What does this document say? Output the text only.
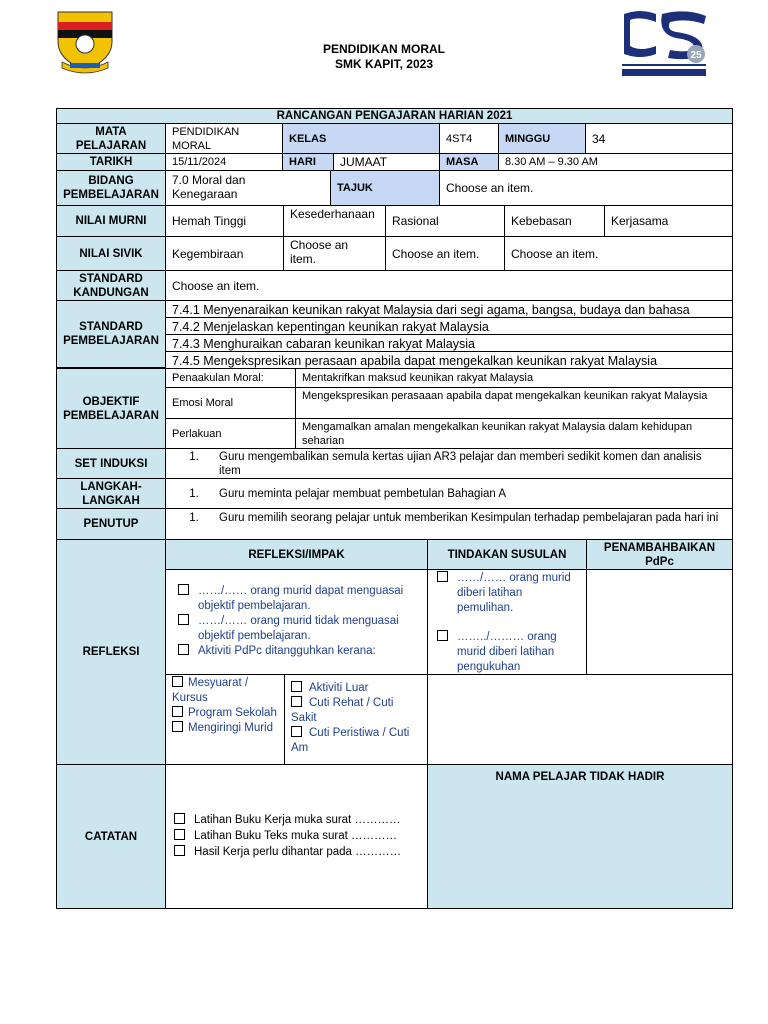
25
PENDIDIKAN MORAL
SMK KAPIT, 2023
RANCANGAN PENGAJARAN HARIAN 2021
MATA PELAJARAN
PENDIDIKAN MORAL
KELAS	4ST4	MINGGU	34
TARIKH	15/11/2024	HARI	JUMAAT	MASA	8.30 AM – 9.30 AM
BIDANG PEMBELAJARAN
7.0 Moral dan Kenegaraan	TAJUK	Choose an item.
NILAI MURNI	Hemah Tinggi	Kesederhanaan	Rasional	Kebebasan	Kerjasama
NILAI SIVIK	Kegembiraan
Choose an item.	Choose an item.	Choose an item.
STANDARD KANDUNGAN	Choose an item.
STANDARD PEMBELAJARAN
7.4.1 Menyenaraikan keunikan rakyat Malaysia dari segi agama, bangsa, budaya dan bahasa
7.4.2 Menjelaskan kepentingan keunikan rakyat Malaysia
7.4.3 Menghuraikan cabaran keunikan rakyat Malaysia
7.4.5 Mengekspresikan perasaan apabila dapat mengekalkan keunikan rakyat Malaysia
OBJEKTIF PEMBELAJARAN
Penaakulan Moral:	Mentakrifkan maksud keunikan rakyat Malaysia
Emosi Moral
Mengekspresikan perasaaan apabila dapat mengekalkan keunikan rakyat Malaysia
Perlakuan
Mengamalkan amalan mengekalkan keunikan rakyat Malaysia dalam kehidupan seharian
SET INDUKSI
1. Guru mengembalikan semula kertas ujian AR3 pelajar dan memberi sedikit komen dan analisis item
LANGKAH-LANGKAH
1. Guru meminta pelajar membuat pembetulan Bahagian A
PENUTUP
1.	Guru memilih seorang pelajar untuk memberikan Kesimpulan terhadap pembelajaran pada hari ini
REFLEKSI
REFLEKSI/IMPAK	TINDAKAN SUSULAN
PENAMBAHBAIKAN PdPc
……/…… orang murid dapat menguasai objektif pembelajaran.
……/…… orang murid tidak menguasai objektif pembelajaran.
Aktiviti PdPc ditangguhkan kerana:
……/…… orang murid diberi latihan pemulihan.
……../……… orang murid diberi latihan pengukuhan
Mesyuarat / Kursus
Program Sekolah
Mengiringi Murid
Aktiviti Luar
Cuti Rehat / Cuti Sakit
Cuti Peristiwa / Cuti Am
CATATAN
Latihan Buku Kerja muka surat …………
Latihan Buku Teks muka surat …………
Hasil Kerja perlu dihantar pada …………
NAMA PELAJAR TIDAK HADIR
